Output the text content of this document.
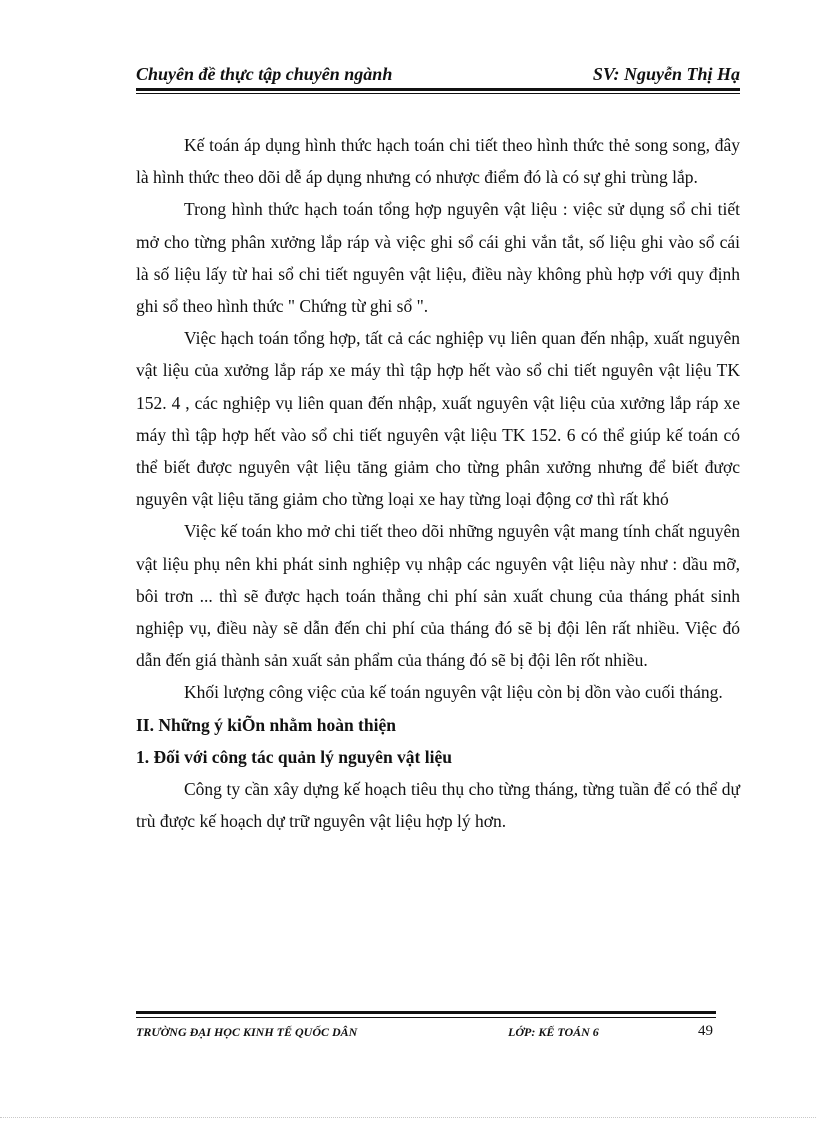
Chuyên đề thực tập chuyên ngành	SV: Nguyễn Thị Hạ

Kế toán áp dụng hình thức hạch toán chi tiết theo hình thức thẻ song song, đây là hình thức theo dõi dễ áp dụng nhưng có nhược điểm đó là có sự ghi trùng lắp.

Trong hình thức hạch toán tổng hợp nguyên vật liệu : việc sử dụng sổ chi tiết mở cho từng phân xưởng lắp ráp và việc ghi sổ cái ghi vắn tắt, số liệu ghi vào sổ cái là số liệu lấy từ hai sổ chi tiết nguyên vật liệu, điều này không phù hợp với quy định ghi sổ theo hình thức " Chứng từ ghi sổ ".

Việc hạch toán tổng hợp, tất cả các nghiệp vụ liên quan đến nhập, xuất nguyên vật liệu của xưởng lắp ráp xe máy thì tập hợp hết vào sổ chi tiết nguyên vật liệu TK 152. 4 , các nghiệp vụ liên quan đến nhập, xuất nguyên vật liệu của xưởng lắp ráp xe máy thì tập hợp hết vào sổ chi tiết nguyên vật liệu TK 152. 6 có thể giúp kế toán có thể biết được nguyên vật liệu tăng giảm cho từng phân xưởng nhưng để biết được nguyên vật liệu tăng giảm cho từng loại xe hay từng loại động cơ thì rất khó

Việc kế toán kho mở chi tiết theo dõi những nguyên vật mang tính chất nguyên vật liệu phụ nên khi phát sinh nghiệp vụ nhập các nguyên vật liệu này như : dầu mỡ, bôi trơn ... thì sẽ được hạch toán thẳng chi phí sản xuất chung của tháng phát sinh nghiệp vụ, điều này sẽ dẫn đến chi phí của tháng đó sẽ bị đội lên rất nhiều. Việc đó dẫn đến giá thành sản xuất sản phẩm của tháng đó sẽ bị đội lên rốt nhiều.

Khối lượng công việc của kế toán nguyên vật liệu còn bị dồn vào cuối tháng.

II. Những ý kiÕn nhằm hoàn thiện
1. Đối với công tác quản lý nguyên vật liệu

Công ty cần xây dựng kế hoạch tiêu thụ cho từng tháng, từng tuần để có thể dự trù được kế hoạch dự trữ nguyên vật liệu hợp lý hơn.

TRƯỜNG ĐẠI HỌC KINH TẾ QUỐC DÂN	LỚP: KẾ TOÁN 6	49
